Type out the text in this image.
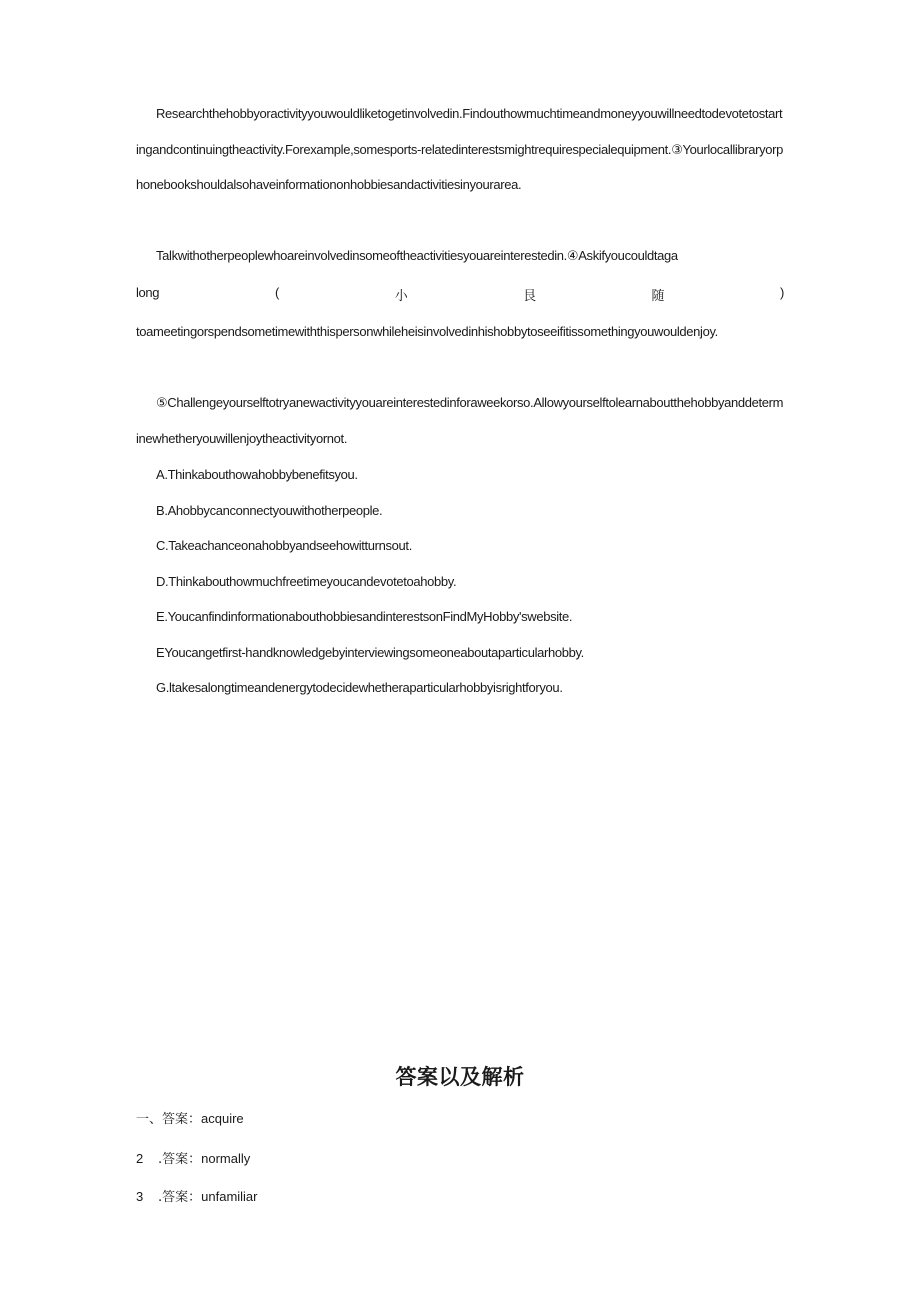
Researchthehobbyoractivityyouwouldliketogetinvolvedin.Findouthowmuchtimeandmoneyyouwillneedtodevotetostartingandcontinuingtheactivity.Forexample,somesports-relatedinterestsmightrequirespecialequipment.③Yourlocallibraryorphonebookshouldalsohaveinformationonhobbiesandactivitiesinyourarea.

Talkwithotherpeoplewhoareinvolvedinsomeoftheactivitiesyouareinterestedin.④Askifyoucouldtaga

long	(	小	艮	随	)

toameetingorspendsometimewiththispersonwhileheisinvolvedinhishobbytoseeifitissomethingyouwouldenjoy.

⑤Challengeyourselftotryanewactivityyouareinterestedinforaweekorso.Allowyourselftolearnaboutthehobbyanddeterminewhetheryouwillenjoytheactivityornot.

A.Thinkabouthowahobbybenefitsyou.

B.Ahobbycanconnectyouwithotherpeople.

C.Takeachanceonahobbyandseehowitturnsout.

D.Thinkabouthowmuchfreetimeyoucandevotetoahobby.

E.YoucanfindinformationabouthobbiesandinterestsonFindMyHobby'swebsite.

EYoucangetfirst-handknowledgebyinterviewingsomeoneaboutaparticularhobby.

G.ltakesalongtimeandenergytodecidewhetheraparticularhobbyisrightforyou.

答案以及解析

一、答案：acquire

2 .答案：normally

3 .答案：unfamiliar
